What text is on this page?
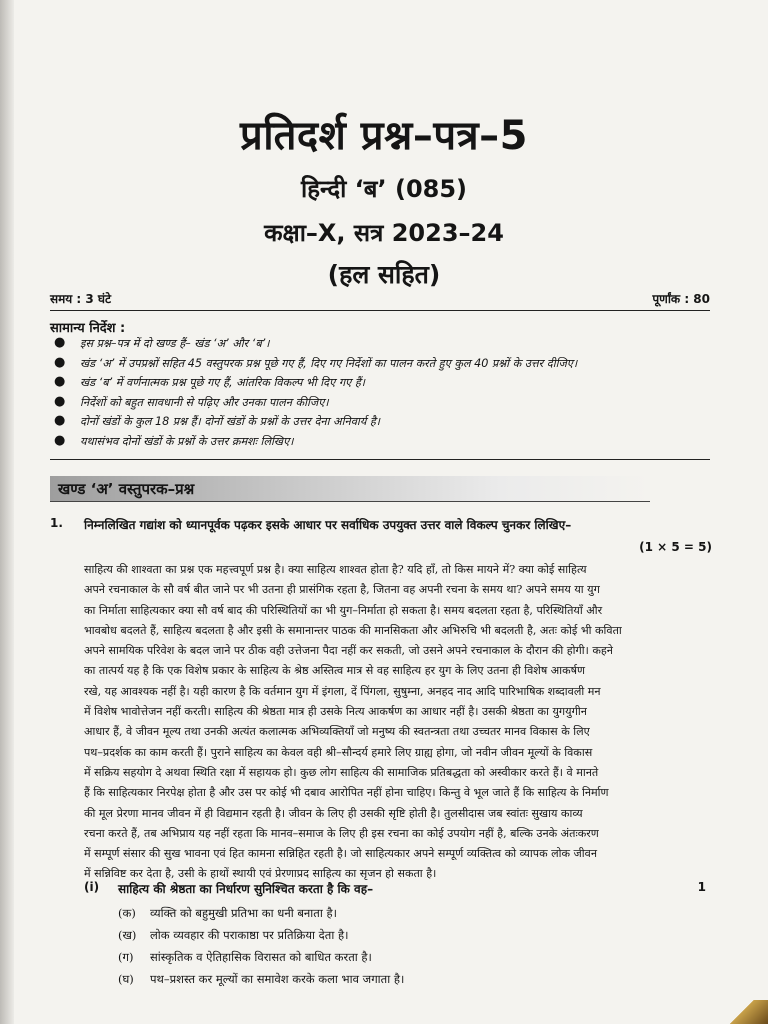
प्रतिदर्श प्रश्न–पत्र–5
हिन्दी ‘ब’ (085)
कक्षा–X, सत्र 2023–24
(हल सहित)
समय : 3 घंटे	पूर्णांक : 80
सामान्य निर्देश :
● इस प्रश्न–पत्र में दो खण्ड हैं– खंड ‘अ’ और ‘ब’।
● खंड ‘अ’ में उपप्रश्नों सहित 45 वस्तुपरक प्रश्न पूछे गए हैं, दिए गए निर्देशों का पालन करते हुए कुल 40 प्रश्नों के उत्तर दीजिए।
● खंड ‘ब’ में वर्णनात्मक प्रश्न पूछे गए हैं, आंतरिक विकल्प भी दिए गए हैं।
● निर्देशों को बहुत सावधानी से पढ़िए और उनका पालन कीजिए।
● दोनों खंडों के कुल 18 प्रश्न हैं। दोनों खंडों के प्रश्नों के उत्तर देना अनिवार्य है।
● यथासंभव दोनों खंडों के प्रश्नों के उत्तर क्रमशः लिखिए।
खण्ड ‘अ’ वस्तुपरक–प्रश्न
1. निम्नलिखित गद्यांश को ध्यानपूर्वक पढ़कर इसके आधार पर सर्वाधिक उपयुक्त उत्तर वाले विकल्प चुनकर लिखिए–
(1 × 5 = 5)
साहित्य की शाश्वता का प्रश्न एक महत्त्वपूर्ण प्रश्न है। क्या साहित्य शाश्वत होता है? यदि हाँ, तो किस मायने में? क्या कोई साहित्य
अपने रचनाकाल के सौ वर्ष बीत जाने पर भी उतना ही प्रासंगिक रहता है, जितना वह अपनी रचना के समय था? अपने समय या युग
का निर्माता साहित्यकार क्या सौ वर्ष बाद की परिस्थितियों का भी युग–निर्माता हो सकता है। समय बदलता रहता है, परिस्थितियाँ और
भावबोध बदलते हैं, साहित्य बदलता है और इसी के समानान्तर पाठक की मानसिकता और अभिरुचि भी बदलती है, अतः कोई भी कविता
अपने सामयिक परिवेश के बदल जाने पर ठीक वही उत्तेजना पैदा नहीं कर सकती, जो उसने अपने रचनाकाल के दौरान की होगी। कहने
का तात्पर्य यह है कि एक विशेष प्रकार के साहित्य के श्रेष्ठ अस्तित्व मात्र से वह साहित्य हर युग के लिए उतना ही विशेष आकर्षण
रखे, यह आवश्यक नहीं है। यही कारण है कि वर्तमान युग में इंगला, दें पिंगला, सुषुम्ना, अनहद नाद आदि पारिभाषिक शब्दावली मन
में विशेष भावोत्तेजन नहीं करती। साहित्य की श्रेष्ठता मात्र ही उसके नित्य आकर्षण का आधार नहीं है। उसकी श्रेष्ठता का युगयुगीन
आधार हैं, वे जीवन मूल्य तथा उनकी अत्यंत कलात्मक अभिव्यक्तियाँ जो मनुष्य की स्वतन्त्रता तथा उच्चतर मानव विकास के लिए
पथ–प्रदर्शक का काम करती हैं। पुराने साहित्य का केवल वही श्री–सौन्दर्य हमारे लिए ग्राह्य होगा, जो नवीन जीवन मूल्यों के विकास
में सक्रिय सहयोग दे अथवा स्थिति रक्षा में सहायक हो। कुछ लोग साहित्य की सामाजिक प्रतिबद्धता को अस्वीकार करते हैं। वे मानते
हैं कि साहित्यकार निरपेक्ष होता है और उस पर कोई भी दबाव आरोपित नहीं होना चाहिए। किन्तु वे भूल जाते हैं कि साहित्य के निर्माण
की मूल प्रेरणा मानव जीवन में ही विद्यमान रहती है। जीवन के लिए ही उसकी सृष्टि होती है। तुलसीदास जब स्वांतः सुखाय काव्य
रचना करते हैं, तब अभिप्राय यह नहीं रहता कि मानव–समाज के लिए ही इस रचना का कोई उपयोग नहीं है, बल्कि उनके अंतःकरण
में सम्पूर्ण संसार की सुख भावना एवं हित कामना सन्निहित रहती है। जो साहित्यकार अपने सम्पूर्ण व्यक्तित्व को व्यापक लोक जीवन
में सन्निविष्ट कर देता है, उसी के हाथों स्थायी एवं प्रेरणाप्रद साहित्य का सृजन हो सकता है।
(i) साहित्य की श्रेष्ठता का निर्धारण सुनिश्चित करता है कि वह–	1
(क) व्यक्ति को बहुमुखी प्रतिभा का धनी बनाता है।
(ख) लोक व्यवहार की पराकाष्ठा पर प्रतिक्रिया देता है।
(ग) सांस्कृतिक व ऐतिहासिक विरासत को बाधित करता है।
(घ) पथ–प्रशस्त कर मूल्यों का समावेश करके कला भाव जगाता है।
